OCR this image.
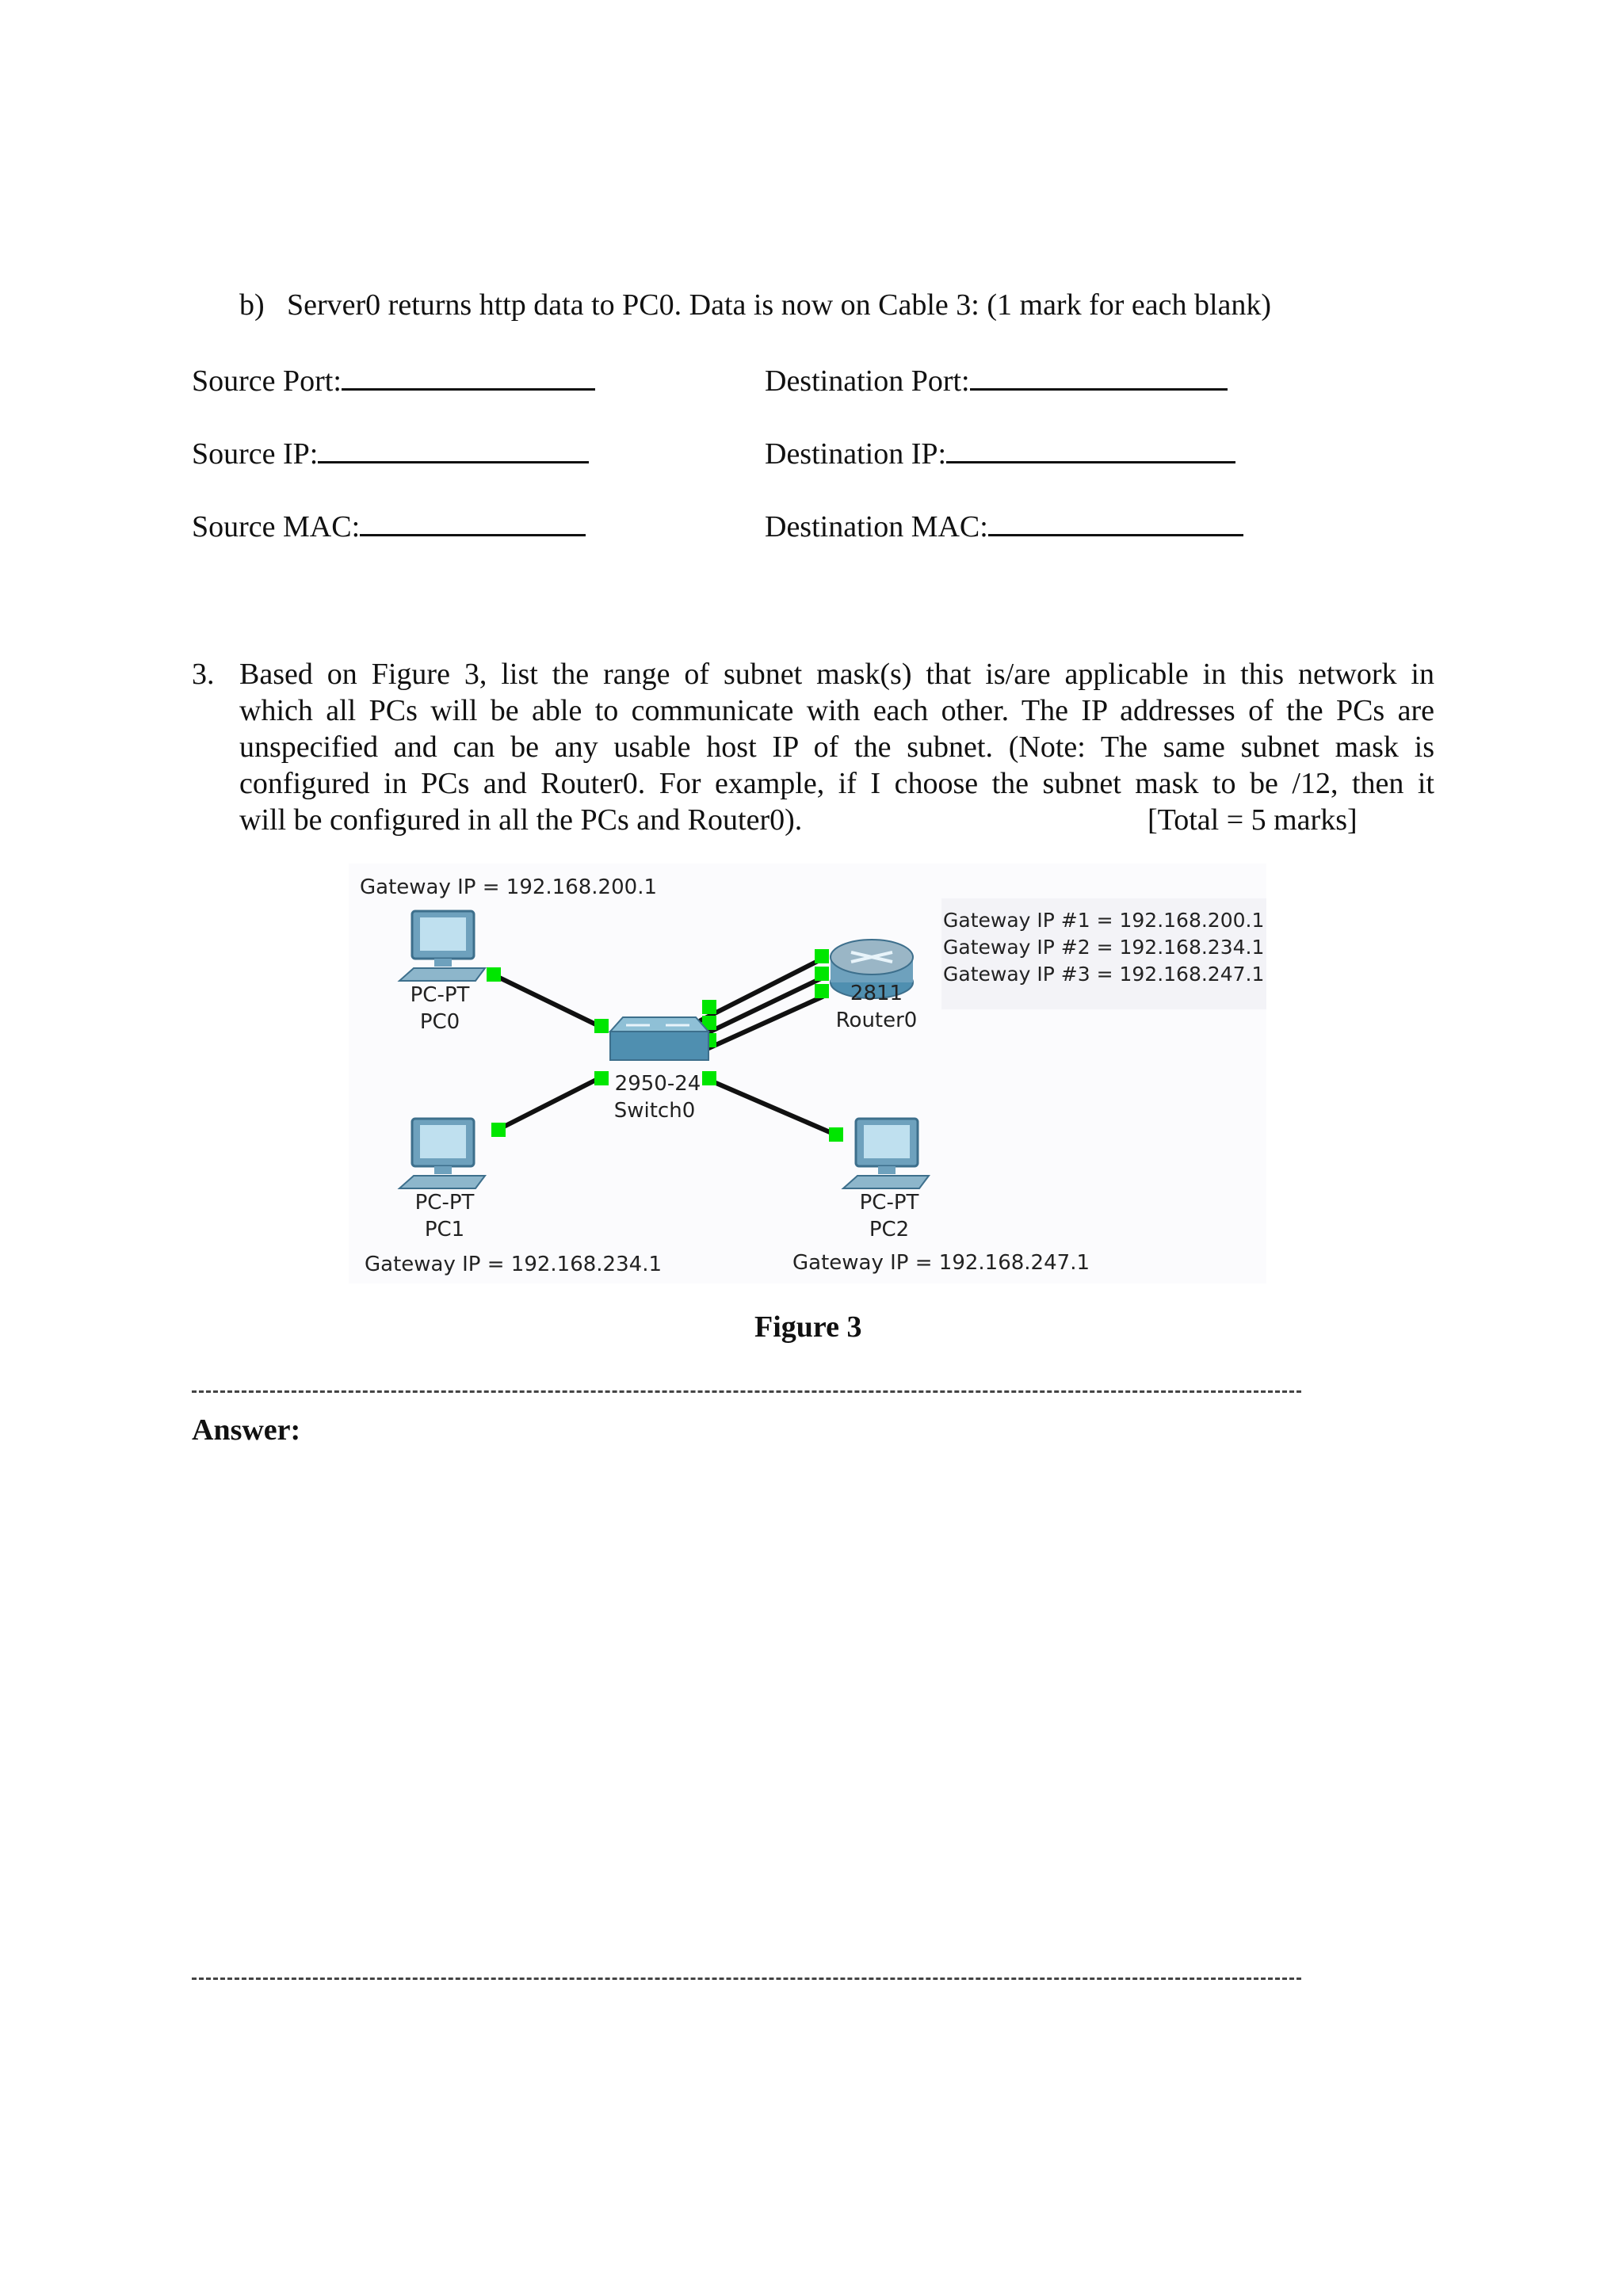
b) Server0 returns http data to PC0. Data is now on Cable 3: (1 mark for each blank)
Source Port:	Destination Port:
Source IP:	Destination IP:
Source MAC:	Destination MAC:
3. Based on Figure 3, list the range of subnet mask(s) that is/are applicable in this network in
which all PCs will be able to communicate with each other. The IP addresses of the PCs are
unspecified and can be any usable host IP of the subnet. (Note: The same subnet mask is
configured in PCs and Router0. For example, if I choose the subnet mask to be /12, then it
will be configured in all the PCs and Router0).	[Total = 5 marks]
Gateway IP = 192.168.200.1
PC-PT
PC0
PC-PT
PC1
Gateway IP = 192.168.234.1
PC-PT
PC2
Gateway IP = 192.168.247.1
2950-24
Switch0
2811
Router0
Gateway IP #1 = 192.168.200.1
Gateway IP #2 = 192.168.234.1
Gateway IP #3 = 192.168.247.1
Figure 3
Answer:
